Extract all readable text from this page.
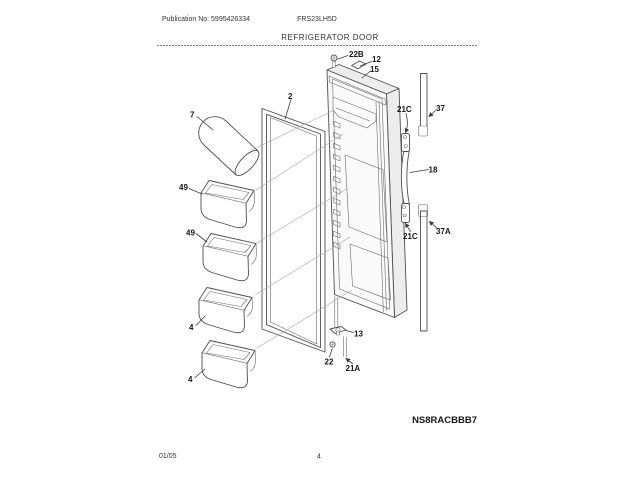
Publication No: 5995426334	FRS23LH5D
REFRIGERATOR DOOR
22B
12
15
2
7
49
49
4
4
21C	37
18
21C
37A
13
22
21A
NS8RACBBB7
01/05	4
